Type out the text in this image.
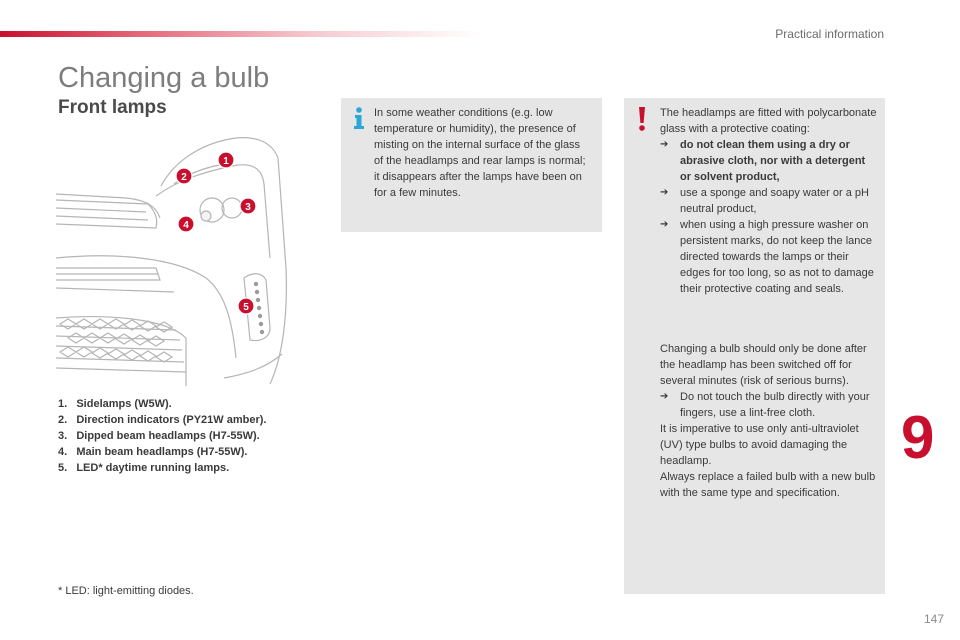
Practical information
Changing a bulb
Front lamps
1
2
3
4
5
1.   Sidelamps (W5W).
2.   Direction indicators (PY21W amber).
3.   Dipped beam headlamps (H7-55W).
4.   Main beam headlamps (H7-55W).
5.   LED* daytime running lamps.
* LED: light-emitting diodes.

In some weather conditions (e.g. low temperature or humidity), the presence of misting on the internal surface of the glass of the headlamps and rear lamps is normal; it disappears after the lamps have been on for a few minutes.

The headlamps are fitted with polycarbonate glass with a protective coating:

➔ do not clean them using a dry or abrasive cloth, nor with a detergent or solvent product,
➔ use a sponge and soapy water or a pH neutral product,
➔ when using a high pressure washer on persistent marks, do not keep the lance directed towards the lamps or their edges for too long, so as not to damage their protective coating and seals.

Changing a bulb should only be done after the headlamp has been switched off for several minutes (risk of serious burns).

➔ Do not touch the bulb directly with your fingers, use a lint-free cloth.

It is imperative to use only anti-ultraviolet (UV) type bulbs to avoid damaging the headlamp.

Always replace a failed bulb with a new bulb with the same type and specification.

9
147
